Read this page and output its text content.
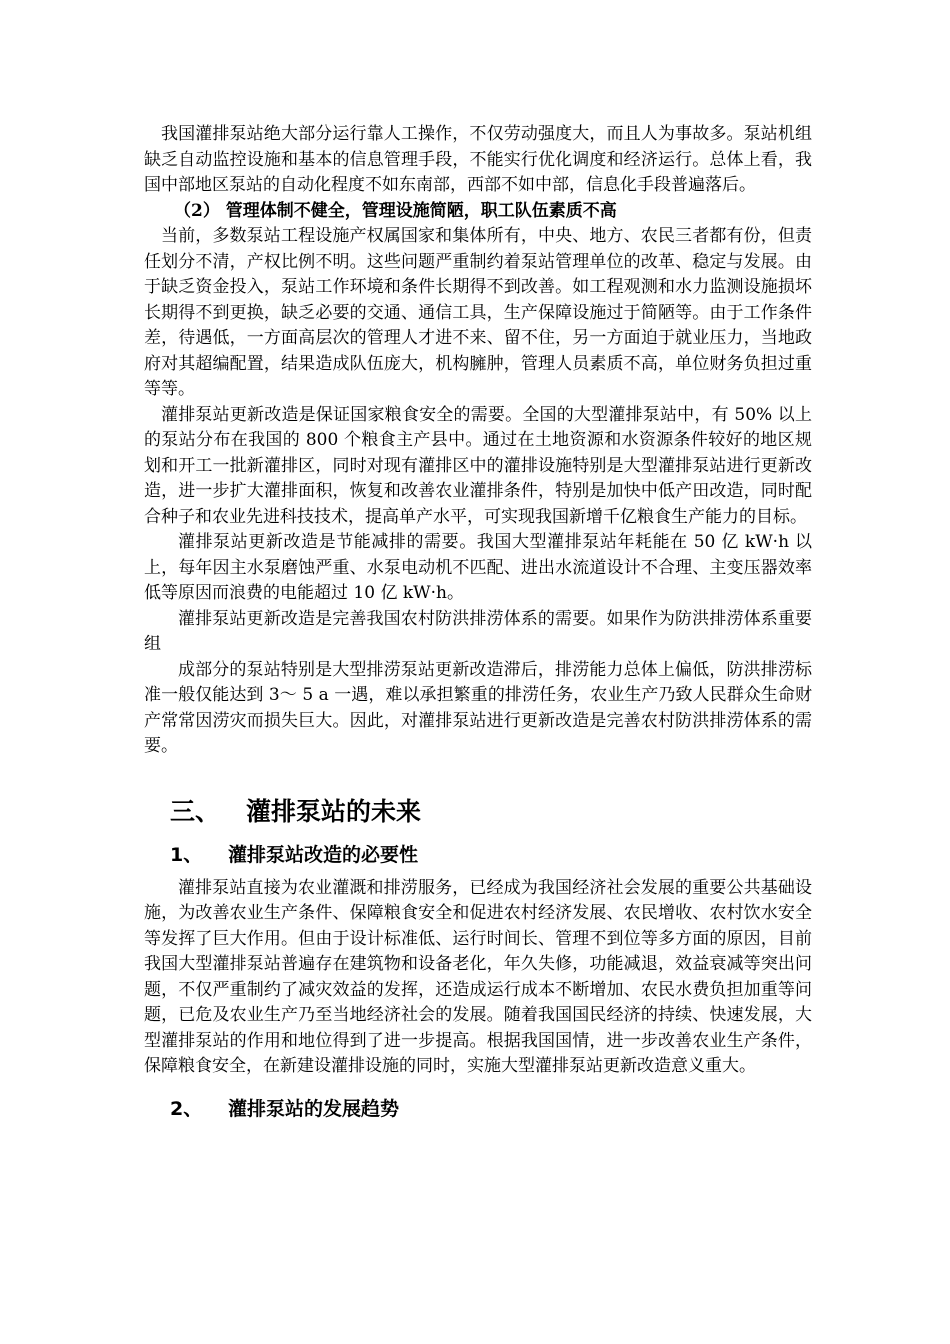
我国灌排泵站绝大部分运行靠人工操作，不仅劳动强度大，而且人为事故多。泵站机组缺乏自动监控设施和基本的信息管理手段，不能实行优化调度和经济运行。总体上看，我国中部地区泵站的自动化程度不如东南部，西部不如中部，信息化手段普遍落后。

（2） 管理体制不健全，管理设施简陋，职工队伍素质不高

当前，多数泵站工程设施产权属国家和集体所有，中央、地方、农民三者都有份，但责任划分不清，产权比例不明。这些问题严重制约着泵站管理单位的改革、稳定与发展。由于缺乏资金投入，泵站工作环境和条件长期得不到改善。如工程观测和水力监测设施损坏长期得不到更换，缺乏必要的交通、通信工具，生产保障设施过于简陋等。由于工作条件差，待遇低，一方面高层次的管理人才进不来、留不住，另一方面迫于就业压力，当地政府对其超编配置，结果造成队伍庞大，机构臃肿，管理人员素质不高，单位财务负担过重等等。

灌排泵站更新改造是保证国家粮食安全的需要。全国的大型灌排泵站中，有 50% 以上的泵站分布在我国的 800 个粮食主产县中。通过在土地资源和水资源条件较好的地区规划和开工一批新灌排区，同时对现有灌排区中的灌排设施特别是大型灌排泵站进行更新改造，进一步扩大灌排面积，恢复和改善农业灌排条件，特别是加快中低产田改造，同时配合种子和农业先进科技技术，提高单产水平，可实现我国新增千亿粮食生产能力的目标。

灌排泵站更新改造是节能减排的需要。我国大型灌排泵站年耗能在 50 亿 kW·h 以上，每年因主水泵磨蚀严重、水泵电动机不匹配、进出水流道设计不合理、主变压器效率低等原因而浪费的电能超过 10 亿 kW·h。

灌排泵站更新改造是完善我国农村防洪排涝体系的需要。如果作为防洪排涝体系重要组

成部分的泵站特别是大型排涝泵站更新改造滞后，排涝能力总体上偏低，防洪排涝标准一般仅能达到 3～ 5 a 一遇，难以承担繁重的排涝任务，农业生产乃致人民群众生命财产常常因涝灾而损失巨大。因此，对灌排泵站进行更新改造是完善农村防洪排涝体系的需要。

三、	灌排泵站的未来
1、	灌排泵站改造的必要性

灌排泵站直接为农业灌溉和排涝服务，已经成为我国经济社会发展的重要公共基础设施，为改善农业生产条件、保障粮食安全和促进农村经济发展、农民增收、农村饮水安全等发挥了巨大作用。但由于设计标准低、运行时间长、管理不到位等多方面的原因，目前我国大型灌排泵站普遍存在建筑物和设备老化，年久失修，功能减退，效益衰减等突出问题，不仅严重制约了减灾效益的发挥，还造成运行成本不断增加、农民水费负担加重等问题，已危及农业生产乃至当地经济社会的发展。随着我国国民经济的持续、快速发展，大型灌排泵站的作用和地位得到了进一步提高。根据我国国情，进一步改善农业生产条件，保障粮食安全，在新建设灌排设施的同时，实施大型灌排泵站更新改造意义重大。

2、	灌排泵站的发展趋势
